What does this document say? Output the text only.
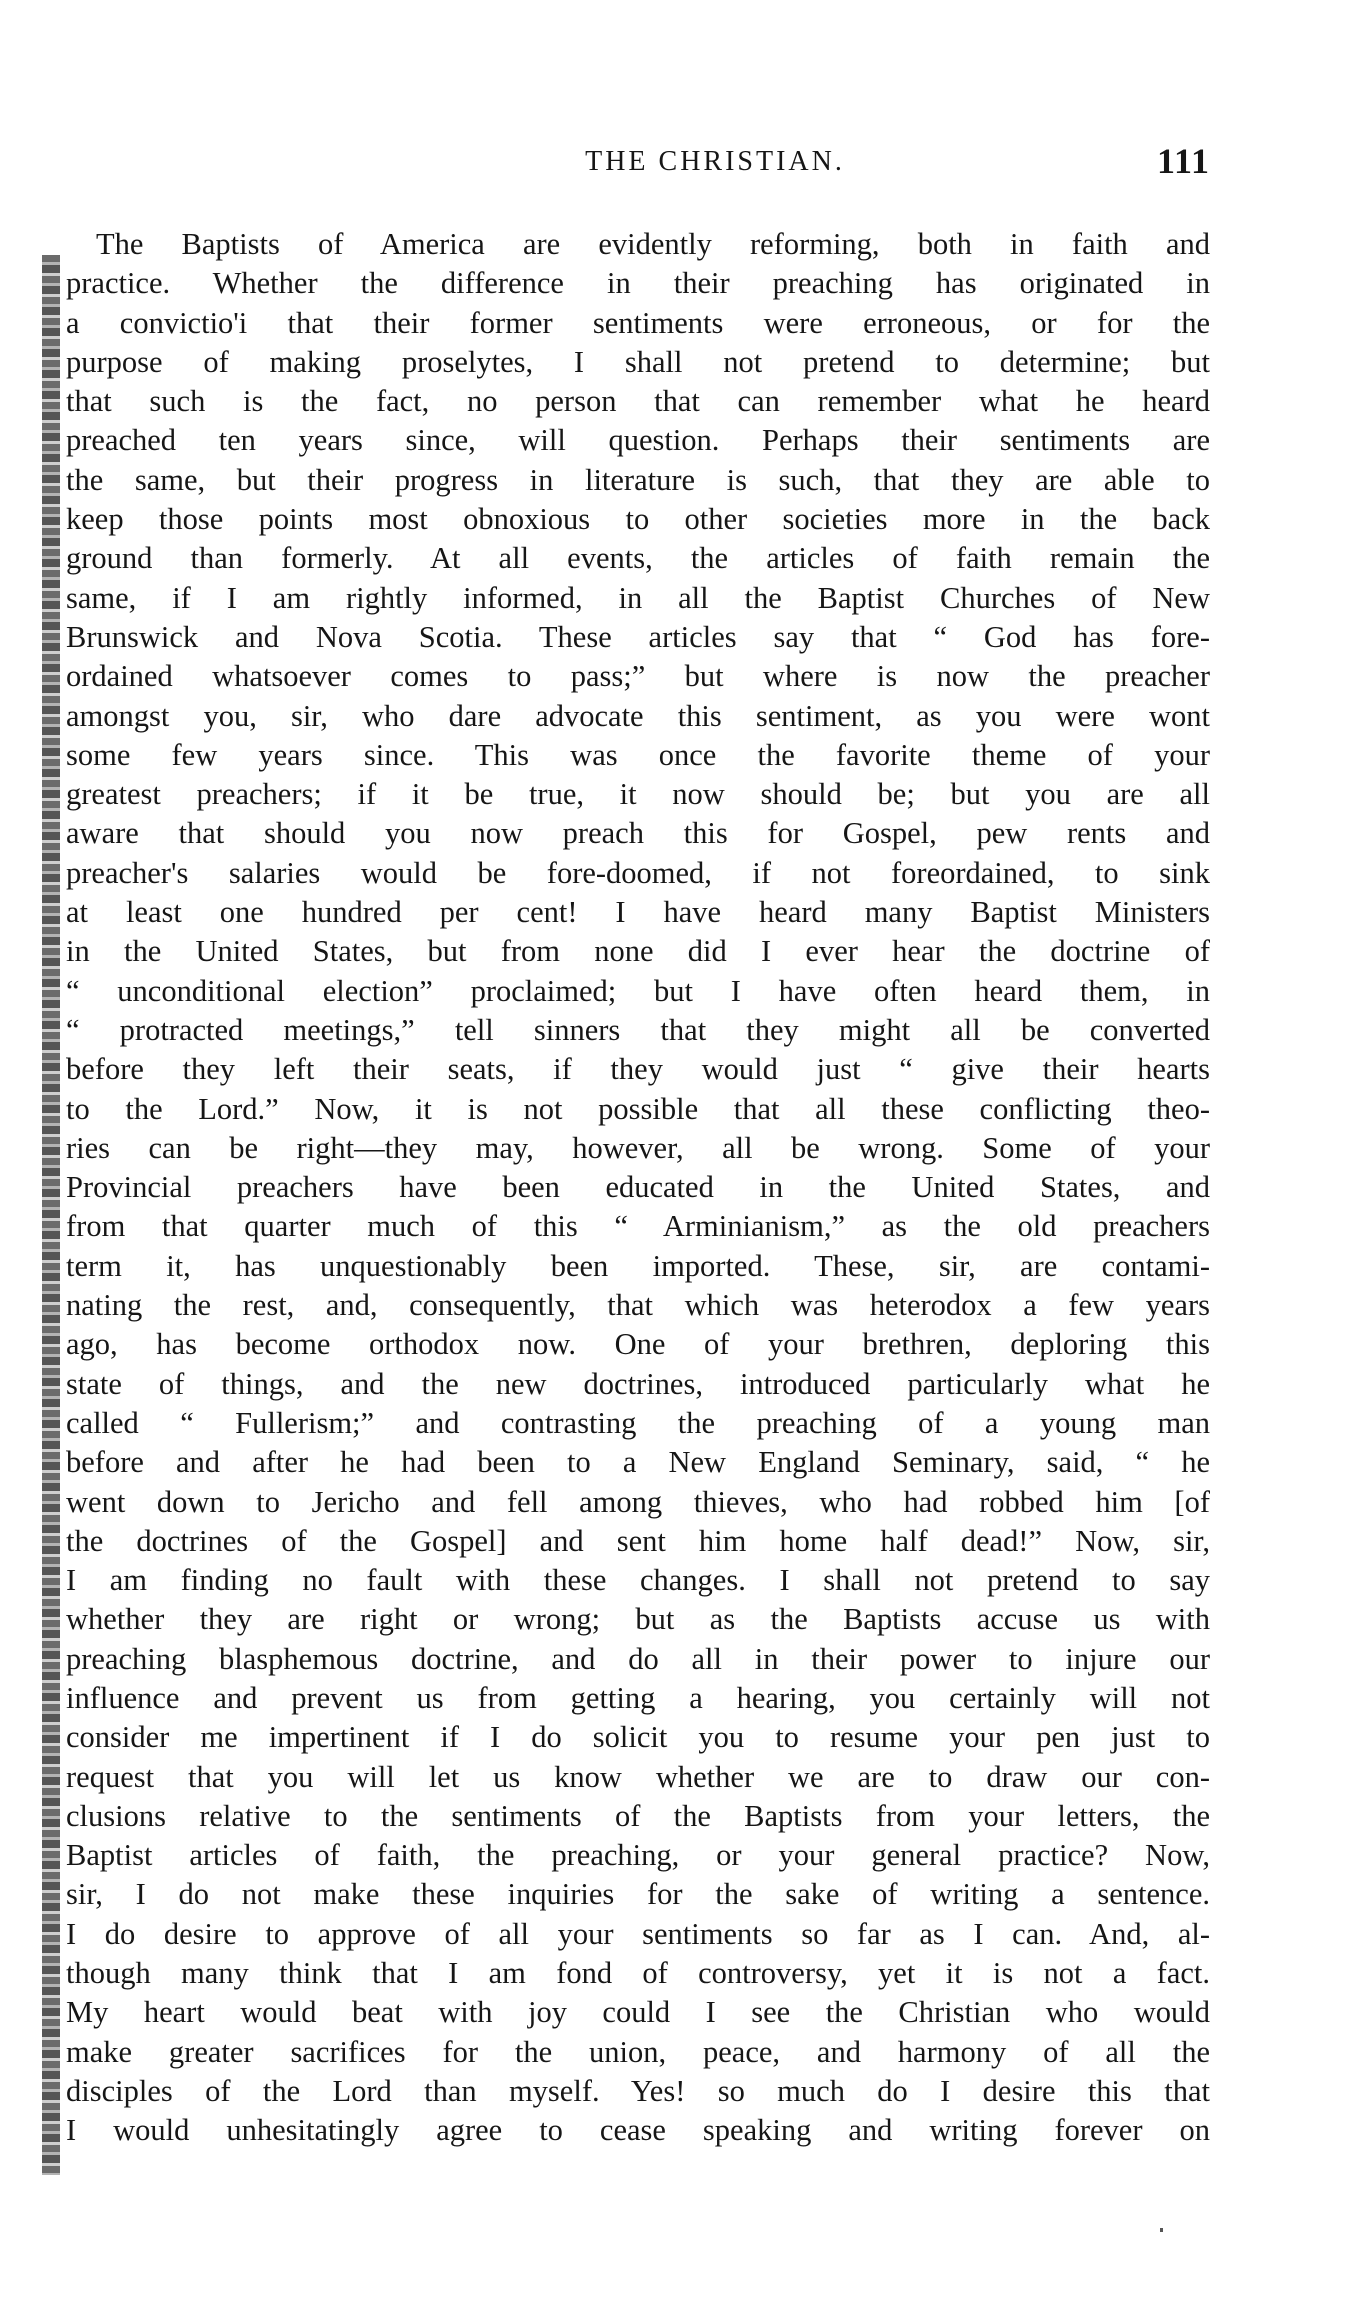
THE CHRISTIAN.	111
The Baptists of America are evidently reforming, both in faith and
practice. Whether the difference in their preaching has originated in
a convictio'i that their former sentiments were erroneous, or for the
purpose of making proselytes, I shall not pretend to determine; but
that such is the fact, no person that can remember what he heard
preached ten years since, will question. Perhaps their sentiments are
the same, but their progress in literature is such, that they are able to
keep those points most obnoxious to other societies more in the back
ground than formerly. At all events, the articles of faith remain the
same, if I am rightly informed, in all the Baptist Churches of New
Brunswick and Nova Scotia. These articles say that “ God has fore-
ordained whatsoever comes to pass;” but where is now the preacher
amongst you, sir, who dare advocate this sentiment, as you were wont
some few years since. This was once the favorite theme of your
greatest preachers; if it be true, it now should be; but you are all
aware that should you now preach this for Gospel, pew rents and
preacher's salaries would be fore-doomed, if not foreordained, to sink
at least one hundred per cent! I have heard many Baptist Ministers
in the United States, but from none did I ever hear the doctrine of
“ unconditional election” proclaimed; but I have often heard them, in
“ protracted meetings,” tell sinners that they might all be converted
before they left their seats, if they would just “ give their hearts
to the Lord.” Now, it is not possible that all these conflicting theo-
ries can be right—they may, however, all be wrong. Some of your
Provincial preachers have been educated in the United States, and
from that quarter much of this “ Arminianism,” as the old preachers
term it, has unquestionably been imported. These, sir, are contami-
nating the rest, and, consequently, that which was heterodox a few years
ago, has become orthodox now. One of your brethren, deploring this
state of things, and the new doctrines, introduced particularly what he
called “ Fullerism;” and contrasting the preaching of a young man
before and after he had been to a New England Seminary, said, “ he
went down to Jericho and fell among thieves, who had robbed him [of
the doctrines of the Gospel] and sent him home half dead!” Now, sir,
I am finding no fault with these changes. I shall not pretend to say
whether they are right or wrong; but as the Baptists accuse us with
preaching blasphemous doctrine, and do all in their power to injure our
influence and prevent us from getting a hearing, you certainly will not
consider me impertinent if I do solicit you to resume your pen just to
request that you will let us know whether we are to draw our con-
clusions relative to the sentiments of the Baptists from your letters, the
Baptist articles of faith, the preaching, or your general practice? Now,
sir, I do not make these inquiries for the sake of writing a sentence.
I do desire to approve of all your sentiments so far as I can. And, al-
though many think that I am fond of controversy, yet it is not a fact.
My heart would beat with joy could I see the Christian who would
make greater sacrifices for the union, peace, and harmony of all the
disciples of the Lord than myself. Yes! so much do I desire this that
I would unhesitatingly agree to cease speaking and writing forever on
